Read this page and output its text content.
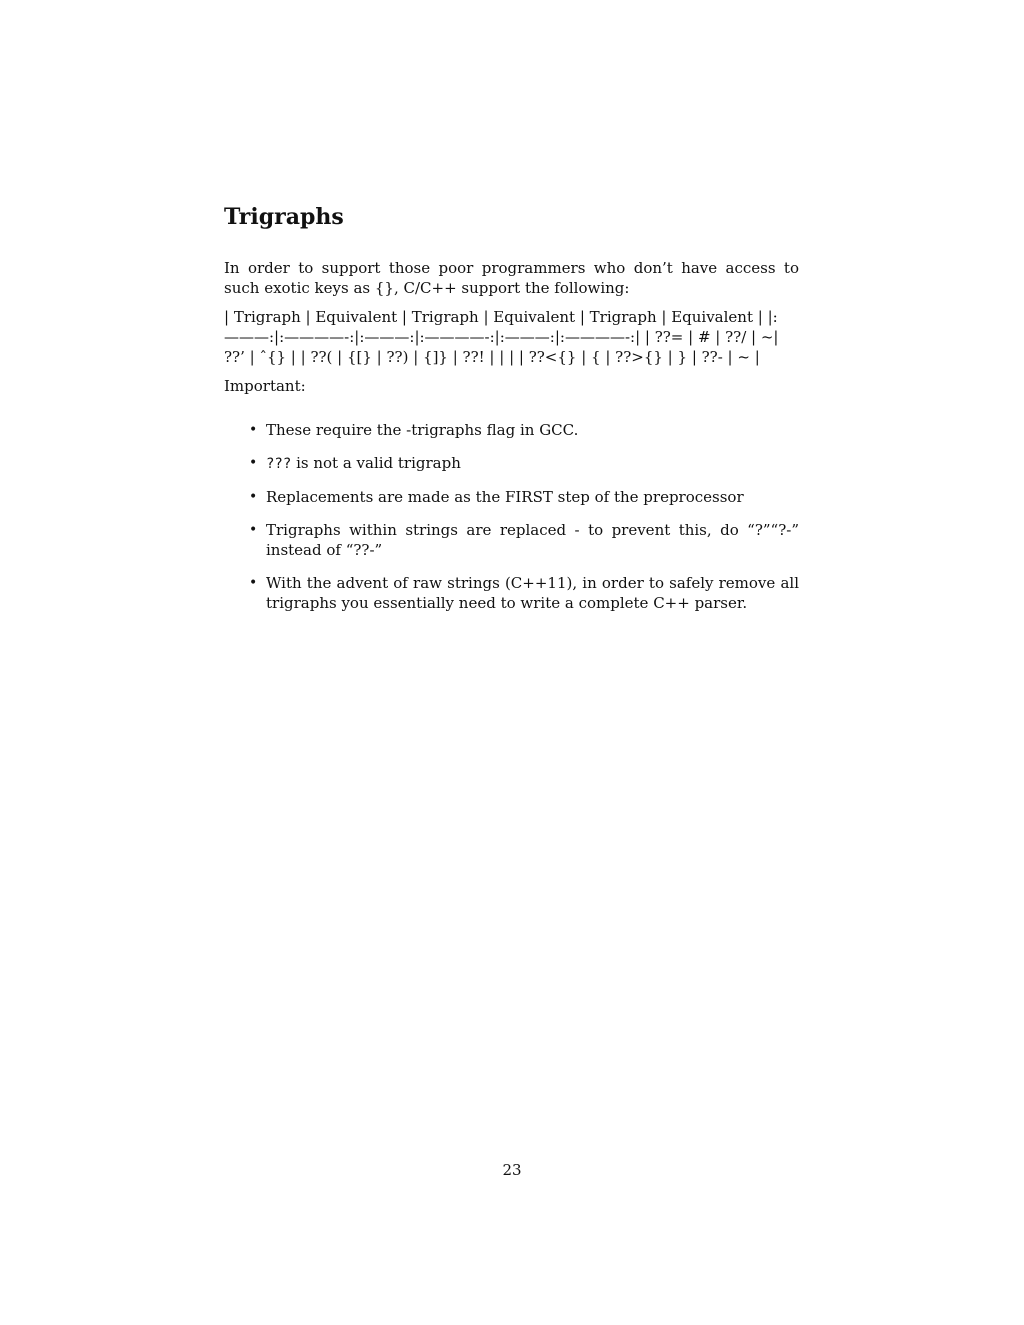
Trigraphs

In order to support those poor programmers who don’t have access to such exotic keys as {}, C/C++ support the following:

| Trigraph | Equivalent | Trigraph | Equivalent | Trigraph | Equivalent | |:———:|:————-:|:———:|:————-:|:———:|:————-:| | ??= | # | ??/ | ~| ??’ | ˆ{} | | ??( | {[} | ??) | {]} | ??! | | | | ??<{} | { | ??>{} | } | ??- | ~ |

Important:

• These require the -trigraphs flag in GCC.
• ??? is not a valid trigraph
• Replacements are made as the FIRST step of the preprocessor
• Trigraphs within strings are replaced - to prevent this, do “?”“?-” instead of “??-”
• With the advent of raw strings (C++11), in order to safely remove all trigraphs you essentially need to write a complete C++ parser.
23
